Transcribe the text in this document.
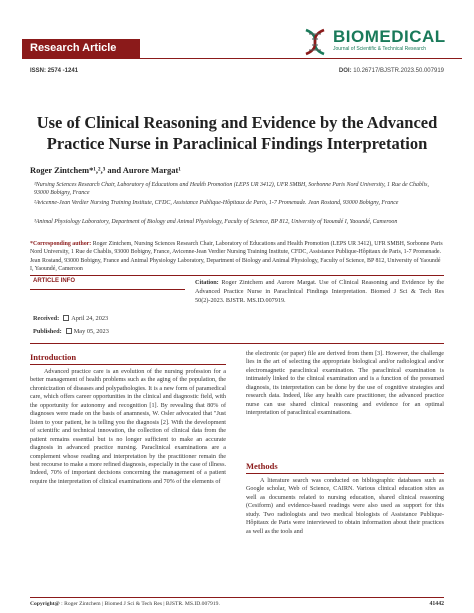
Research Article
BIOMEDICAL
Journal of Scientific & Technical Research
ISSN: 2574 -1241	DOI: 10.26717/BJSTR.2023.50.007919
Use of Clinical Reasoning and Evidence by the Advanced Practice Nurse in Paraclinical Findings Interpretation
Roger Zintchem*¹,²,³ and Aurore Margat¹
¹Nursing Sciences Research Chair, Laboratory of Educations and Health Promotion (LEPS UR 3412), UFR SMBH, Sorbonne Paris Nord University, 1 Rue de Chablis, 93000 Bobigny, France
²Avicenne-Jean Verdier Nursing Training Institute, CFDC, Assistance Publique-Hôpitaux de Paris, 1-7 Promenade. Jean Rostand, 93000 Bobigny, France
³Animal Physiology Laboratory, Department of Biology and Animal Physiology, Faculty of Science, BP 812, University of Yaoundé I, Yaoundé, Cameroon
*Corresponding author: Roger Zintchem, Nursing Sciences Research Chair, Laboratory of Educations and Health Promotion (LEPS UR 3412), UFR SMBH, Sorbonne Paris Nord University, 1 Rue de Chablis, 93000 Bobigny, France, Avicenne-Jean Verdier Nursing Training Institute, CFDC, Assistance Publique-Hôpitaux de Paris, 1-7 Promenade. Jean Rostand, 93000 Bobigny, France and Animal Physiology Laboratory, Department of Biology and Animal Physiology, Faculty of Science, BP 812, University of Yaoundé I, Yaoundé, Cameroon
ARTICLE INFO
Received: April 24, 2023
Published: May 05, 2023
Citation: Roger Zintchem and Aurore Margat. Use of Clinical Reasoning and Evidence by the Advanced Practice Nurse in Paraclinical Findings Interpretation. Biomed J Sci & Tech Res 50(2)-2023. BJSTR. MS.ID.007919.
Introduction

Advanced practice care is an evolution of the nursing profession for a better management of health problems such as the aging of the population, the chronicization of diseases and polypathologies. It is a new form of paramedical care, which offers career opportunities in the clinical and diagnostic field, with the opportunity for autonomy and recognition [1]. By revealing that 80% of diagnoses were made on the basis of anamnesis, W. Osler advocated that "Just listen to your patient, he is telling you the diagnosis [2]. With the development of scientific and technical innovation, the collection of clinical data from the patient remains essential but is no longer sufficient to make an accurate diagnosis in advanced practice nursing. Paraclinical examinations are a complement whose reading and interpretation by the practitioner remain the best recourse to make a more refined diagnosis, especially in the case of illness. Indeed, 70% of important decisions concerning the management of a patient require the interpretation of clinical examinations and 70% of the elements of

the electronic (or paper) file are derived from them [3]. However, the challenge lies in the art of selecting the appropriate biological and/or radiological and/or electromagnetic paraclinical examination. The paraclinical examination is intimately linked to the clinical examination and is a function of the presumed diagnosis, its interpretation can be done by the use of cognitive strategies and research data. Indeed, like any health care practitioner, the advanced practice nurse can use shared clinical reasoning and evidence for an optimal interpretation of paraclinical examinations.

Methods

A literature search was conducted on bibliographic databases such as Google scholar, Web of Science, CAIRN. Various clinical education sites as well as documents related to nursing education, shared clinical reasoning (Cesiform) and evidence-based readings were also used as support for this study. Two radiologists and two medical biologists of Assistance Publique-Hôpitaux de Paris were interviewed to obtain information about their practices as well as the tools and

Copyright@ : Roger Zintchem | Biomed J Sci & Tech Res | BJSTR. MS.ID.007919.	41442
